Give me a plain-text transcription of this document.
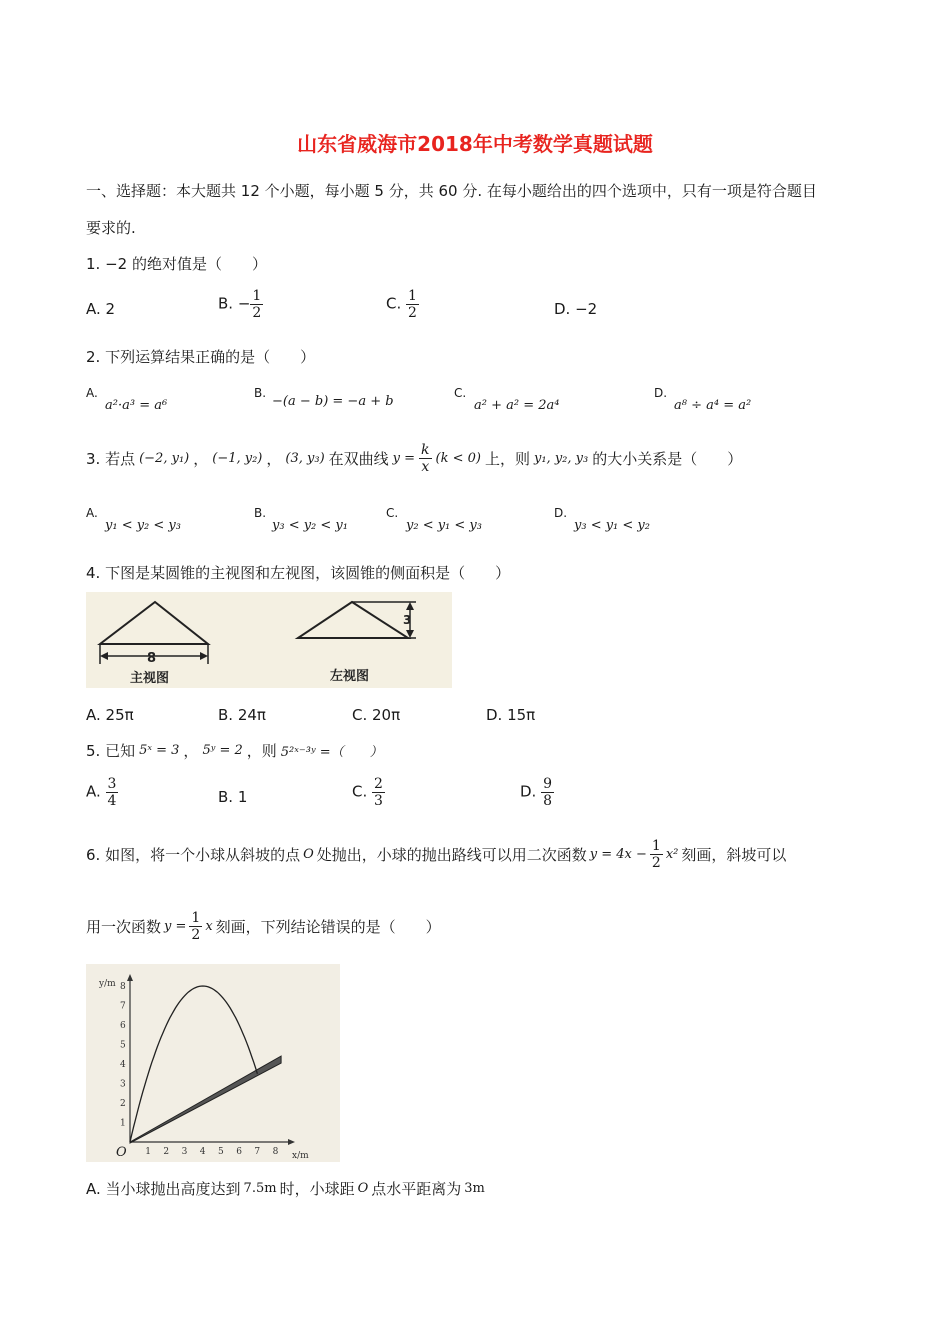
山东省威海市2018年中考数学真题试题
一、选择题：本大题共 12 个小题，每小题 5 分，共 60 分. 在每小题给出的四个选项中，只有一项是符合题目
要求的.
1. −2 的绝对值是（　　）
A. 2	B. − $\frac{1}{2}$	C. $\frac{1}{2}$	D. −2
2. 下列运算结果正确的是（　　）
A.
a²·a³ = a⁶
B.
−(a − b) = −a + b
C.
a² + a² = 2a⁴
D.
a⁸ ÷ a⁴ = a²
3. 若点 (−2, y₁) ， (−1, y₂) ， (3, y₃) 在双曲线 $y = \frac{k}{x} (k < 0)$ 上，则 y₁, y₂, y₃ 的大小关系是（　　）
A.
y₁ < y₂ < y₃
B.
y₃ < y₂ < y₁
C.
y₂ < y₁ < y₃
D.
y₃ < y₁ < y₂
4. 下图是某圆锥的主视图和左视图，该圆锥的侧面积是（　　）
8
3
主视图	左视图
A. 25π	B. 24π	C. 20π	D. 15π
5. 已知 5ˣ = 3 ， 5ʸ = 2 ，则 5²ˣ⁻³ʸ =（　　）
A. $\frac{3}{4}$	B. 1	C. $\frac{2}{3}$	D. $\frac{9}{8}$
6. 如图，将一个小球从斜坡的点 O 处抛出，小球的抛出路线可以用二次函数 $y = 4x - \frac{1}{2} x^2$ 刻画，斜坡可以
用一次函数 $y = \frac{1}{2}$ x 刻画，下列结论错误的是（　　）
y/m
x/m
O
1
2
3
4
5
6
7
8
1 2 3 4 5 6 7 8
A. 当小球抛出高度达到 7.5m 时，小球距 O 点水平距离为 3m
